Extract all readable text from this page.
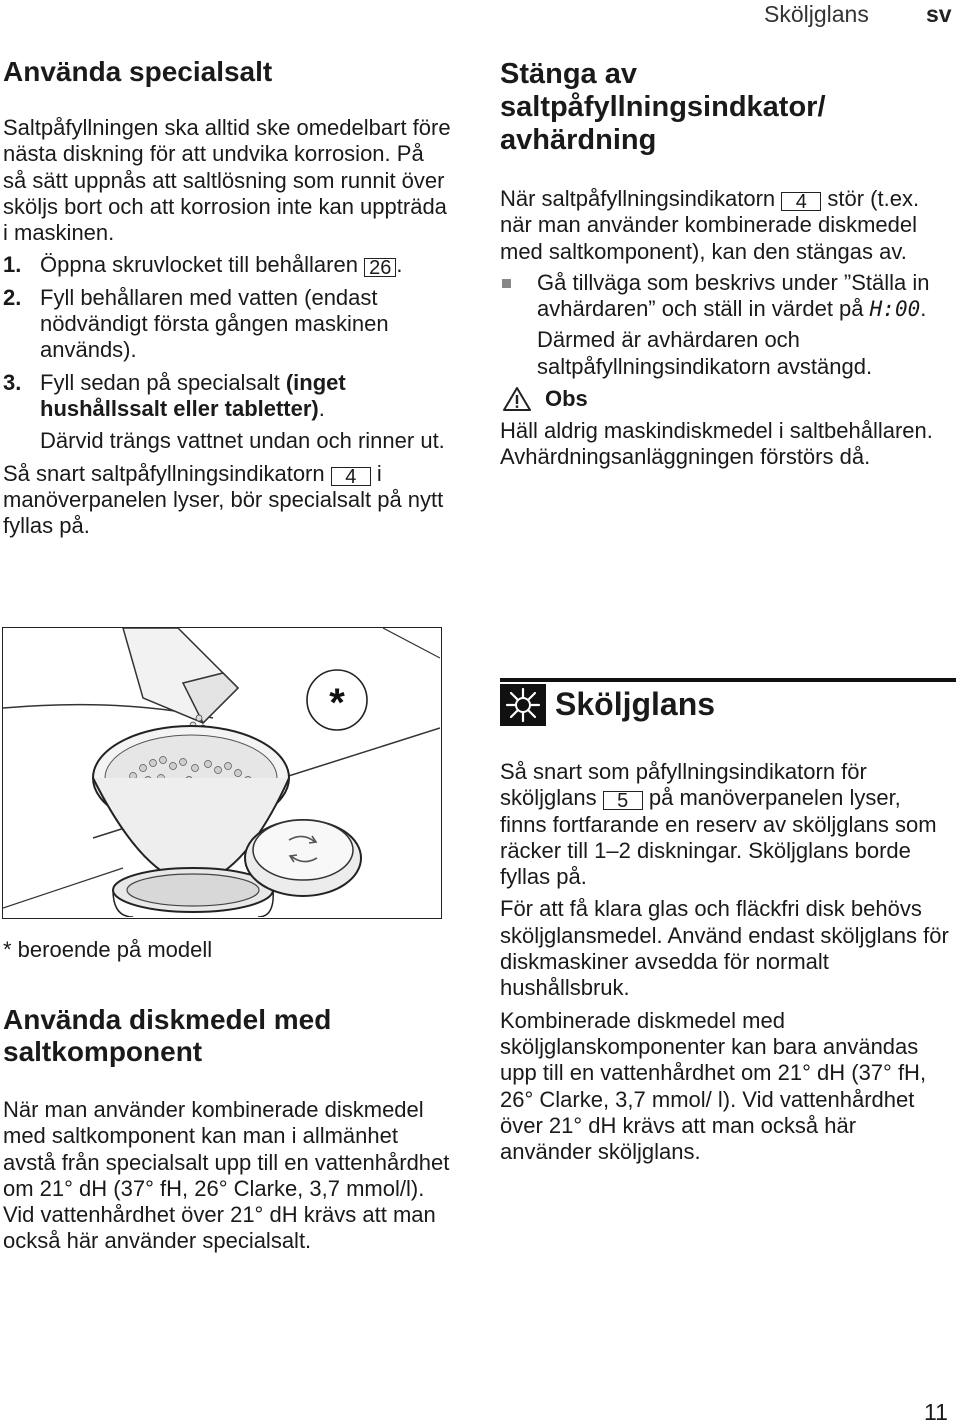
Sköljglans sv
Använda specialsalt

Saltpåfyllningen ska alltid ske omedelbart före nästa diskning för att undvika korrosion. På så sätt uppnås att saltlösning som runnit över sköljs bort och att korrosion inte kan uppträda i maskinen.

1. Öppna skruvlocket till behållaren 26 .
2. Fyll behållaren med vatten (endast nödvändigt första gången maskinen används).
3. Fyll sedan på specialsalt (inget hushållssalt eller tabletter).

Därvid trängs vattnet undan och rinner ut.

Så snart saltpåfyllningsindikatorn 4 i manöverpanelen lyser, bör specialsalt på nytt fyllas på.

*

* beroende på modell

Använda diskmedel med saltkomponent

När man använder kombinerade diskmedel med saltkomponent kan man i allmänhet avstå från specialsalt upp till en vattenhårdhet om 21° dH (37° fH, 26° Clarke, 3,7 mmol/l). Vid vattenhårdhet över 21° dH krävs att man också här använder specialsalt.

Stänga av saltpåfyllningsindkator/ avhärdning

När saltpåfyllningsindikatorn 4 stör (t.ex. när man använder kombinerade diskmedel med saltkomponent), kan den stängas av.

Gå tillväga som beskrivs under ”Ställa in avhärdaren” och ställ in värdet på H:00.

Därmed är avhärdaren och saltpåfyllningsindikatorn avstängd.

Obs

Häll aldrig maskindiskmedel i saltbehållaren. Avhärdningsanläggningen förstörs då.

Sköljglans

Så snart som påfyllningsindikatorn för sköljglans 5 på manöverpanelen lyser, finns fortfarande en reserv av sköljglans som räcker till 1–2 diskningar. Sköljglans borde fyllas på.

För att få klara glas och fläckfri disk behövs sköljglansmedel. Använd endast sköljglans för diskmaskiner avsedda för normalt hushållsbruk.

Kombinerade diskmedel med sköljglanskomponenter kan bara användas upp till en vattenhårdhet om 21° dH (37° fH, 26° Clarke, 3,7 mmol/ l). Vid vattenhårdhet över 21° dH krävs att man också här använder sköljglans.

11
